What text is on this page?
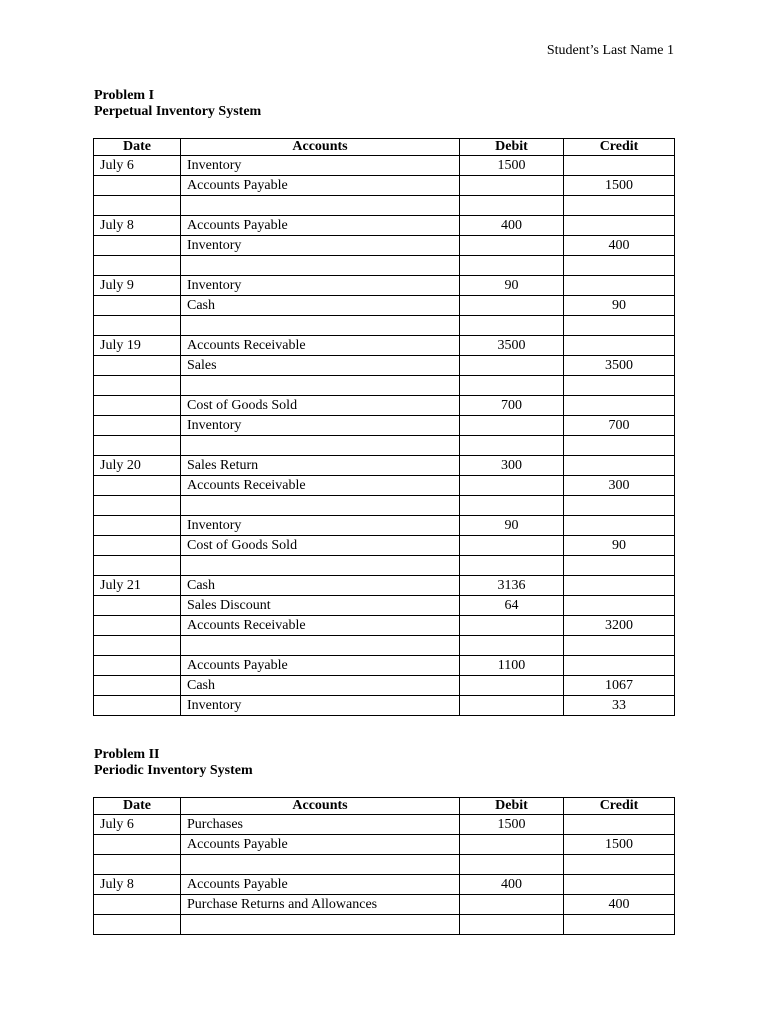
Student’s Last Name 1
Problem I
Perpetual Inventory System
Date	Accounts	Debit	Credit
July 6	Inventory	1500	
	Accounts Payable		1500

July 8	Accounts Payable	400	
	Inventory		400

July 9	Inventory	90	
	Cash		90

July 19	Accounts Receivable	3500	
	Sales		3500

	Cost of Goods Sold	700	
	Inventory		700

July 20	Sales Return	300	
	Accounts Receivable		300

	Inventory	90	
	Cost of Goods Sold		90

July 21	Cash	3136	
	Sales Discount	64	
	Accounts Receivable		3200

	Accounts Payable	1100	
	Cash		1067
	Inventory		33
Problem II
Periodic Inventory System
Date	Accounts	Debit	Credit
July 6	Purchases	1500	
	Accounts Payable		1500

July 8	Accounts Payable	400	
	Purchase Returns and Allowances		400
